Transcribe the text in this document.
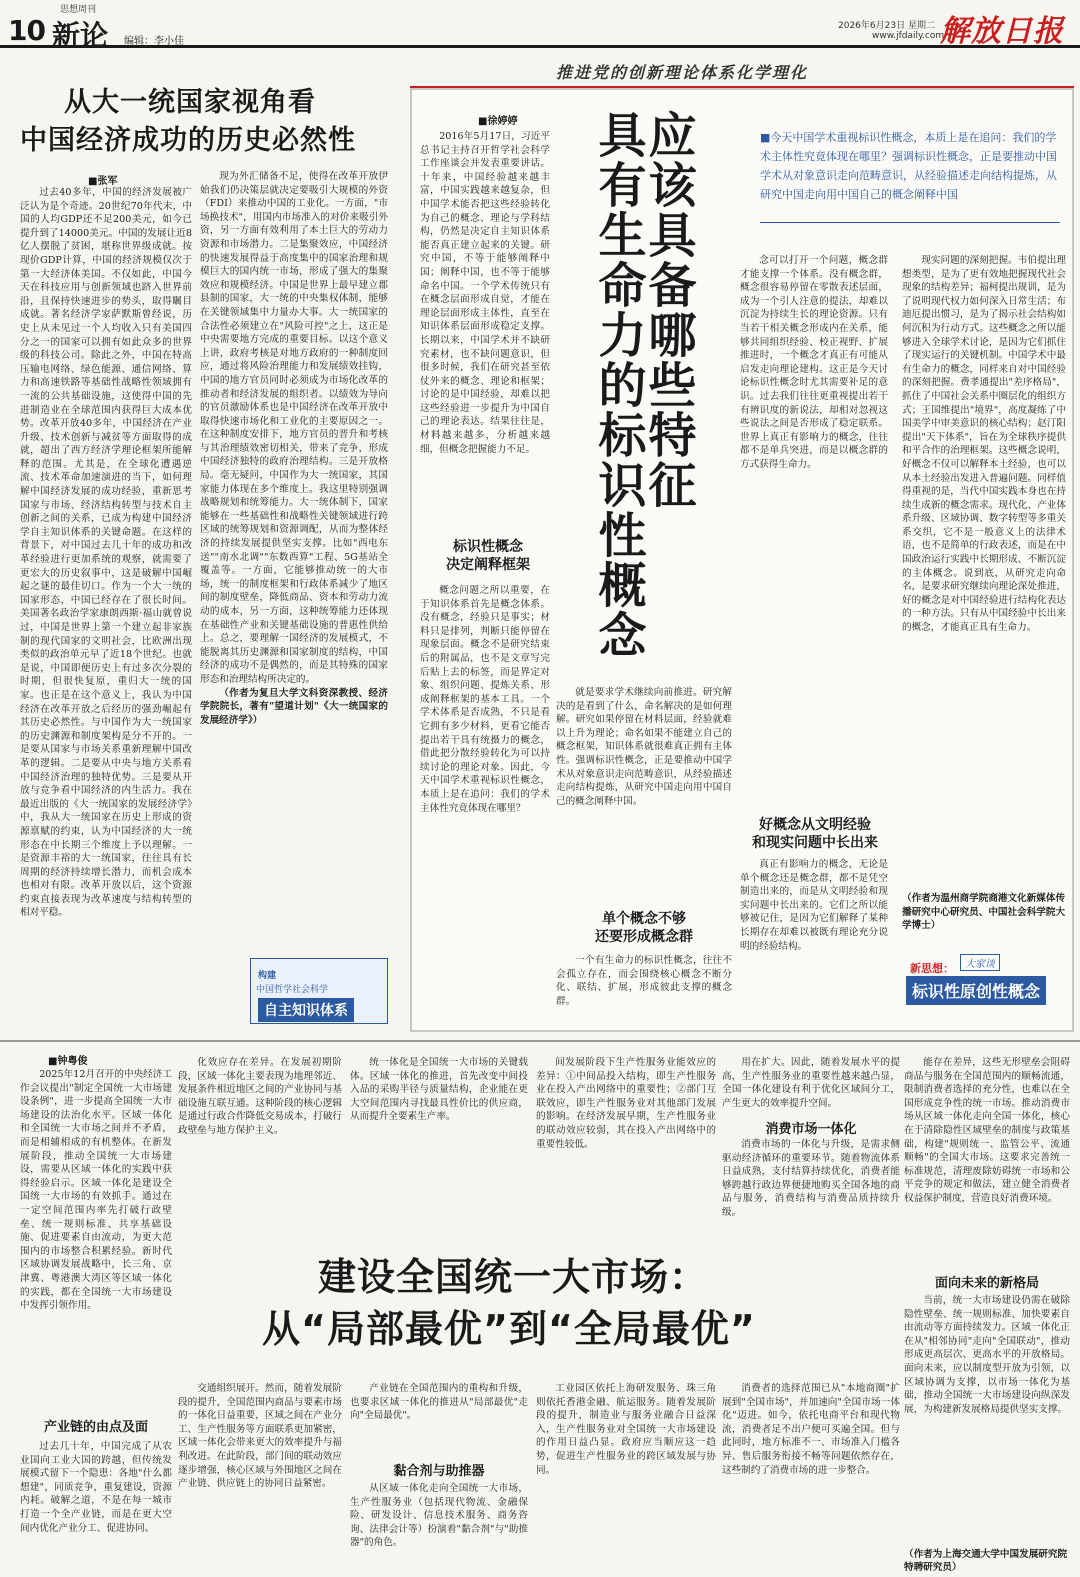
思想周刊
10 新论 编辑：李小佳
2026年6月23日 星期二
www.jfdaily.com
解放日报
从大一统国家视角看
中国经济成功的历史必然性
■张军

过去40多年，中国的经济发展被广泛认为是个奇迹。20世纪70年代末，中国的人均GDP还不足200美元，如今已提升到了14000美元。中国的发展让近8亿人摆脱了贫困，堪称世界级成就。按现价GDP计算，中国的经济规模仅次于第一大经济体美国。不仅如此，中国今天在科技应用与创新领域也跻入世界前沿，且保持快速进步的势头，取得瞩目成就。著名经济学家萨默斯曾经说，历史上从未见过一个人均收入只有美国四分之一的国家可以拥有如此众多的世界级的科技公司。除此之外，中国在特高压输电网络、绿色能源、通信网络、算力和高速铁路等基础性战略性领域拥有一流的公共基础设施，这使得中国的先进制造业在全球范围内获得巨大成本优势。改革开放40多年，中国经济在产业升级、技术创新与减贫等方面取得的成就，超出了西方经济学理论框架所能解释的范围。尤其是，在全球化遭遇逆流、技术革命加速演进的当下，如何理解中国经济发展的成功经验，重新思考国家与市场、经济结构转型与技术自主创新之间的关系，已成为构建中国经济学自主知识体系的关键命题。在这样的背景下，对中国过去几十年的成功和改革经验进行更加系统的观察，就需要了更宏大的历史叙事中，这是破解中国崛起之谜的最佳切口。作为一个大一统的国家形态，中国已经存在了很长时间。美国著名政治学家康朗西斯·福山就曾说过，中国是世界上第一个建立起非家族制的现代国家的文明社会，比欧洲出现类似的政治单元早了近18个世纪。也就是说，中国即便历史上有过多次分裂的时期，但很快复原，重归大一统的国家。也正是在这个意义上，我认为中国经济在改革开放之后经历的强劲崛起有其历史必然性。与中国作为大一统国家的历史渊源和制度架构是分不开的。一是要从国家与市场关系重新理解中国改革的逻辑。二是要从中央与地方关系看中国经济治理的独特优势。三是要从开放与竞争看中国经济的内生活力。我在最近出版的《大一统国家的发展经济学》中，我从大一统国家在历史上形成的资源禀赋的约束，认为中国经济的大一统形态在中长期三个维度上予以理解。一是资源丰裕的大一统国家，往往具有长周期的经济持续增长潜力，而机会成本也相对有限。改革开放以后，这个资源约束直接表现为改革速度与结构转型的相对平稳。

现为外汇储备不足，使得在改革开放伊始我们仍决策层就决定要吸引大规模的外资（FDI）来推动中国的工业化。一方面，"市场换技术"，用国内市场准入的对价来吸引外资，另一方面有效利用了本土巨大的劳动力资源和市场潜力。二是集聚效应，中国经济的快速发展得益于高度集中的国家治理和规模巨大的国内统一市场，形成了强大的集聚效应和规模经济。中国是世界上最早建立郡县制的国家，大一统的中央集权体制，能够在关键领域集中力量办大事。大一统国家的合法性必须建立在"风险可控"之上，这正是中央需要地方完成的重要目标。以这个意义上讲，政府考核是对地方政府的一种制度回应，通过将风险治理能力和发展绩效挂钩，中国的地方官员同时必须成为市场化改革的推动者和经济发展的组织者。以绩效为导向的官员激励体系也是中国经济在改革开放中取得快速市场化和工业化的主要原因之一。在这种制度安排下，地方官员的晋升和考核与其治理绩效密切相关，带来了竞争，形成中国经济独特的政府治理结构。三是开放格局。毫无疑问，中国作为大一统国家，其国家能力体现在多个维度上。我这里特别强调战略规划和统筹能力。大一统体制下，国家能够在一些基础性和战略性关键领域进行跨区域的统筹规划和资源调配，从而为整体经济的持续发展提供坚实支撑。比如"西电东送""南水北调""东数西算"工程、5G基站全覆盖等。一方面，它能够推动统一的大市场，统一的制度框架和行政体系减少了地区间的制度壁垒，降低商品、资本和劳动力流动的成本，另一方面，这种统筹能力还体现在基础性产业和关键基础设施的普惠性供给上。总之，要理解一国经济的发展模式，不能脱离其历史渊源和国家制度的结构，中国经济的成功不是偶然的，而是其特殊的国家形态和治理结构所决定的。

（作者为复旦大学文科资深教授、经济学院院长，著有"望道计划"《大一统国家的发展经济学》）

构建
中国哲学社会科学
自主知识体系
推进党的创新理论体系化学理化
应该具备哪些特征
具有生命力的标识性概念	■今天中国学术重视标识性概念，本质上是在追问：我们的学术主体性究竟体现在哪里？强调标识性概念，正是要推动中国学术从对象意识走向范畴意识，从经验描述走向结构提炼，从研究中国走向用中国自己的概念阐释中国
■徐婷婷

2016年5月17日，习近平总书记主持召开哲学社会科学工作座谈会并发表重要讲话。十年来，中国经验越来越丰富，中国实践越来越复杂，但中国学术能否把这些经验转化为自己的概念、理论与学科结构，仍然是决定自主知识体系能否真正建立起来的关键。研究中国，不等于能够阐释中国；阐释中国，也不等于能够命名中国。一个学术传统只有在概念层面形成自觉，才能在理论层面形成主体性，直至在知识体系层面形成稳定支撑。长期以来，中国学术并不缺研究素材，也不缺问题意识，但很多时候，我们在研究甚至依仗外来的概念、理论和框架；讨论的是中国经验，却难以把这些经验进一步提升为中国自己的理论表达。结果往往是，材料越来越多，分析越来越细，但概念把握能力不足。

标识性概念
决定阐释框架

概念问题之所以重要，在于知识体系首先是概念体系。没有概念，经验只是事实；材料只是排列，判断只能停留在现象层面。概念不是研究结束后的附属品，也不是文章写完后贴上去的标签，而是界定对象、组织问题、提炼关系、形成阐释框架的基本工具。一个学术体系是否成熟，不只是看它拥有多少材料，更看它能否提出若干具有统摄力的概念，借此把分散经验转化为可以持续讨论的理论对象。因此，今天中国学术重视标识性概念，本质上是在追问：我们的学术主体性究竟体现在哪里？

就是要求学术继续向前推进。研究解决的是看到了什么，命名解决的是如何理解。研究如果停留在材料层面，经验就难以上升为理论；命名如果不能建立自己的概念框架，知识体系就很难真正拥有主体性。强调标识性概念，正是要推动中国学术从对象意识走向范畴意识，从经验描述走向结构提炼，从研究中国走向用中国自己的概念阐释中国。

单个概念不够
还要形成概念群

一个有生命力的标识性概念，往往不会孤立存在，而会围绕核心概念不断分化、联结、扩展，形成彼此支撑的概念群。

念可以打开一个问题，概念群才能支撑一个体系。没有概念群，概念很容易停留在零散表述层面，成为一个引人注意的提法，却难以沉淀为持续生长的理论资源。只有当若干相关概念形成内在关系，能够共同组织经验、校正视野、扩展推进时，一个概念才真正有可能从启发走向理论建构。这正是今天讨论标识性概念时尤其需要补足的意识。过去我们往往更重视提出若干有辨识度的新说法，却相对忽视这些说法之间是否形成了稳定联系。世界上真正有影响力的概念，往往都不是单兵突进，而是以概念群的方式获得生命力。

好概念从文明经验
和现实问题中长出来

真正有影响力的概念，无论是单个概念还是概念群，都不是凭空制造出来的，而是从文明经验和现实问题中长出来的。它们之所以能够被记住，是因为它们解释了某种长期存在却难以被既有理论充分说明的经验结构。

现实问题的深刻把握。韦伯提出理想类型，是为了更有效地把握现代社会现象的结构差异；福柯提出规训，是为了说明现代权力如何深入日常生活；布迪厄提出惯习，是为了揭示社会结构如何沉积为行动方式。这些概念之所以能够进入全球学术讨论，是因为它们抓住了现实运行的关键机制。中国学术中最有生命力的概念，同样来自对中国经验的深刻把握。费孝通提出"差序格局"，抓住了中国社会关系中圈层化的组织方式；王国维提出"境界"，高度凝练了中国美学中审美意识的核心结构；赵汀阳提出"天下体系"，旨在为全球秩序提供和平合作的治理框架。这些概念说明，好概念不仅可以解释本土经验，也可以从本土经验出发进入普遍问题。同样值得重视的是，当代中国实践本身也在持续生成新的概念需求。现代化、产业体系升级、区域协调、数字转型等多重关系交织，它不是一般意义上的法律术语，也不是简单的行政表述，而是在中国政治运行实践中长期形成、不断沉淀的主体概念。说到底，从研究走向命名，是要求研究继续向理论深处推进，好的概念是对中国经验进行结构化表达的一种方法。只有从中国经验中长出来的概念，才能真正具有生命力。

（作者为温州商学院商港文化新媒体传播研究中心研究员、中国社会科学院大学博士）
新思想：	大家谈
标识性原创性概念
■钟粤俊

2025年12月召开的中央经济工作会议提出"制定全国统一大市场建设条例"，进一步提高全国统一大市场建设的法治化水平。区域一体化和全国统一大市场之间并不矛盾，而是相辅相成的有机整体。在新发展阶段，推动全国统一大市场建设，需要从区域一体化的实践中获得经验启示。区域一体化是建设全国统一大市场的有效抓手。通过在一定空间范围内率先打破行政壁垒、统一规则标准、共享基础设施、促进要素自由流动，为更大范围内的市场整合积累经验。新时代区域协调发展战略中，长三角、京津冀、粤港澳大湾区等区域一体化的实践，都在全国统一大市场建设中发挥引领作用。

产业链的由点及面

过去几十年，中国完成了从农业国向工业大国的跨越，但传统发展模式留下一个隐患：各地"什么都想建"，同质竞争，重复建设，资源内耗。破解之道，不是在每一城市打造一个全产业链，而是在更大空间内优化产业分工、促进协同。

化效应存在差异。在发展初期阶段，区域一体化主要表现为地理邻近、发展条件相近地区之间的产业协同与基础设施互联互通。这种阶段的核心逻辑是通过行政合作降低交易成本，打破行政壁垒与地方保护主义。

统一体化是全国统一大市场的关键载体。区域一体化的推进，首先改变中间投入品的采购半径与质量结构，企业能在更大空间范围内寻找最具性价比的供应商，从而提升全要素生产率。

间发展阶段下生产性服务业能效应的差异：①中间品投入结构，即生产性服务业在投入产出网络中的重要性；②部门互联效应，即生产性服务业对其他部门发展的影响。在经济发展早期，生产性服务业的联动效应较弱，其在投入产出网络中的重要性较低。

用在扩大。因此，随着发展水平的提高，生产性服务业的重要性越来越凸显，全国一体化建设有利于优化区域间分工，产生更大的效率提升空间。

消费市场一体化

消费市场的一体化与升级，是需求侧驱动经济循环的重要环节。随着物流体系日益成熟，支付结算持续优化，消费者能够跨越行政边界便捷地购买全国各地的商品与服务，消费结构与消费品质持续升级。

能存在差异，这些无形壁垒会阻碍商品与服务在全国范围内的顺畅流通，限制消费者选择的充分性，也难以在全国形成竞争性的统一市场。推动消费市场从区域一体化走向全国一体化，核心在于清除隐性区域壁垒的制度与政策基础，构建"规则统一、监管公平、流通顺畅"的全国大市场。这要求完善统一标准规范，清理废除妨碍统一市场和公平竞争的规定和做法，建立健全消费者权益保护制度，营造良好消费环境。

面向未来的新格局

当前，统一大市场建设仍需在破除隐性壁垒、统一规则标准、加快要素自由流动等方面持续发力。区域一体化正在从"相邻协同"走向"全国联动"，推动形成更高层次、更高水平的开放格局。面向未来，应以制度型开放为引领，以区域协调为支撑，以市场一体化为基础，推动全国统一大市场建设向纵深发展，为构建新发展格局提供坚实支撑。

（作者为上海交通大学中国发展研究院特聘研究员）
建设全国统一大市场：
从“局部最优”到“全局最优”

交通组织展开。然而，随着发展阶段的提升，全国范围内商品与要素市场的一体化日益重要，区域之间在产业分工、生产性服务等方面联系更加紧密，区域一体化会带来更大的效率提升与福利改进。在此阶段，部门间的联动效应逐步增强，核心区域与外围地区之间在产业链、供应链上的协同日益紧密。

产业链在全国范围内的重构和升级，也要求区域一体化的推进从"局部最优"走向"全局最优"。

黏合剂与助推器

从区域一体化走向全国统一大市场，生产性服务业（包括现代物流、金融保险、研发设计、信息技术服务、商务咨询、法律会计等）扮演着"黏合剂"与"助推器"的角色。

工业园区依托上海研发服务、珠三角则依托香港金融、航运服务。随着发展阶段的提升，制造业与服务业融合日益深入，生产性服务业对全国统一大市场建设的作用日益凸显。政府应当顺应这一趋势，促进生产性服务业的跨区域发展与协同。

消费者的选择范围已从"本地商圈"扩展到"全国市场"，并加速向"全国市场一体化"迈进。如今，依托电商平台和现代物流，消费者足不出户便可买遍全国。但与此同时，地方标准不一、市场准入门槛各异、售后服务衔接不畅等问题依然存在，这些制约了消费市场的进一步整合。
